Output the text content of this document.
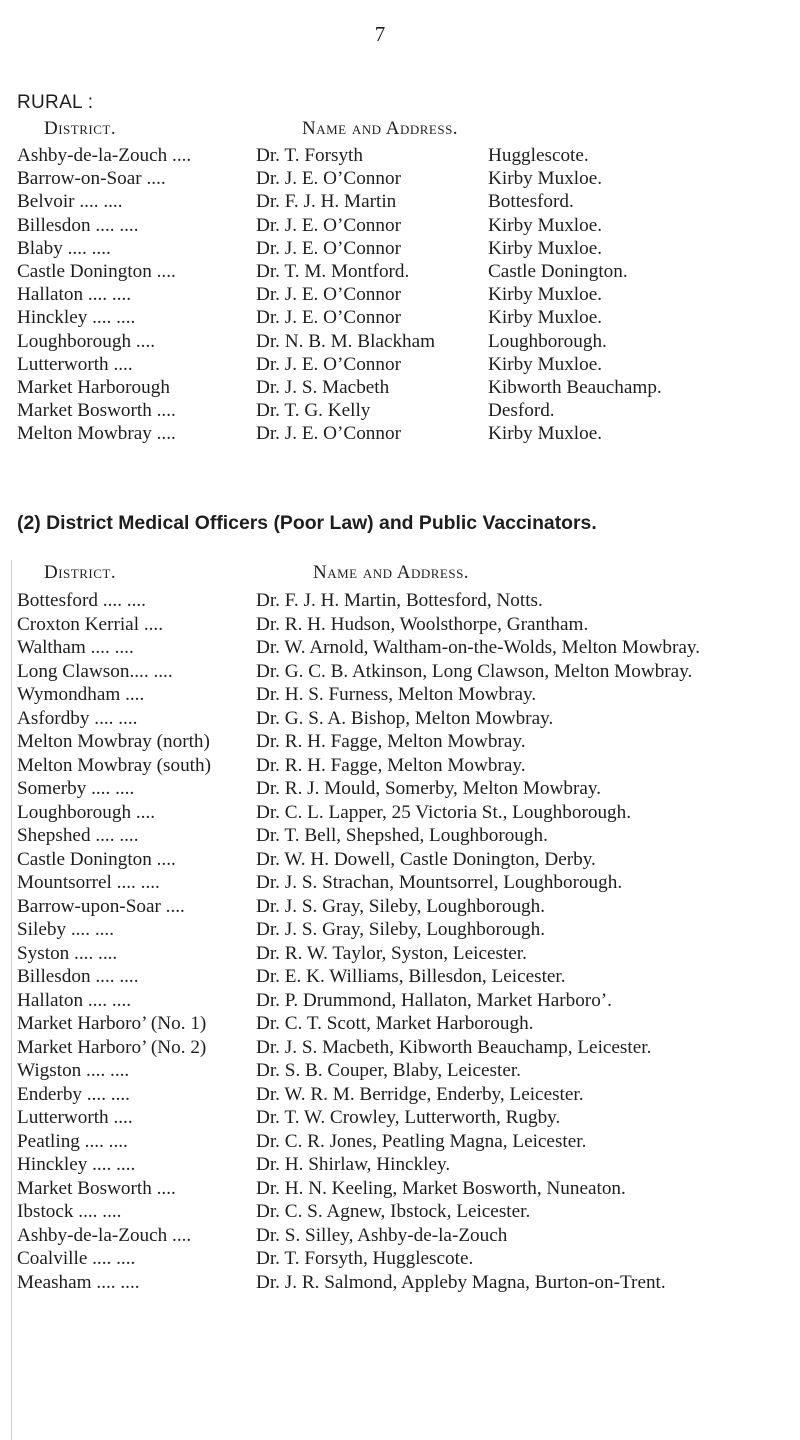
7
RURAL :
District.	Name and Address.
Ashby-de-la-Zouch ....	Dr. T. Forsyth	Hugglescote.
Barrow-on-Soar ....	Dr. J. E. O’Connor	Kirby Muxloe.
Belvoir .... ....	Dr. F. J. H. Martin	Bottesford.
Billesdon .... ....	Dr. J. E. O’Connor	Kirby Muxloe.
Blaby .... ....	Dr. J. E. O’Connor	Kirby Muxloe.
Castle Donington ....	Dr. T. M. Montford.	Castle Donington.
Hallaton .... ....	Dr. J. E. O’Connor	Kirby Muxloe.
Hinckley .... ....	Dr. J. E. O’Connor	Kirby Muxloe.
Loughborough ....	Dr. N. B. M. Blackham	Loughborough.
Lutterworth ....	Dr. J. E. O’Connor	Kirby Muxloe.
Market Harborough	Dr. J. S. Macbeth	Kibworth Beauchamp.
Market Bosworth ....	Dr. T. G. Kelly	Desford.
Melton Mowbray ....	Dr. J. E. O’Connor	Kirby Muxloe.
(2) District Medical Officers (Poor Law) and Public Vaccinators.
District.	Name and Address.
Bottesford .... ....	Dr. F. J. H. Martin, Bottesford, Notts.
Croxton Kerrial ....	Dr. R. H. Hudson, Woolsthorpe, Grantham.
Waltham .... ....	Dr. W. Arnold, Waltham-on-the-Wolds, Melton Mowbray.
Long Clawson.... ....	Dr. G. C. B. Atkinson, Long Clawson, Melton Mowbray.
Wymondham ....	Dr. H. S. Furness, Melton Mowbray.
Asfordby .... ....	Dr. G. S. A. Bishop, Melton Mowbray.
Melton Mowbray (north)	Dr. R. H. Fagge, Melton Mowbray.
Melton Mowbray (south)	Dr. R. H. Fagge, Melton Mowbray.
Somerby .... ....	Dr. R. J. Mould, Somerby, Melton Mowbray.
Loughborough ....	Dr. C. L. Lapper, 25 Victoria St., Loughborough.
Shepshed .... ....	Dr. T. Bell, Shepshed, Loughborough.
Castle Donington ....	Dr. W. H. Dowell, Castle Donington, Derby.
Mountsorrel .... ....	Dr. J. S. Strachan, Mountsorrel, Loughborough.
Barrow-upon-Soar ....	Dr. J. S. Gray, Sileby, Loughborough.
Sileby .... ....	Dr. J. S. Gray, Sileby, Loughborough.
Syston .... ....	Dr. R. W. Taylor, Syston, Leicester.
Billesdon .... ....	Dr. E. K. Williams, Billesdon, Leicester.
Hallaton .... ....	Dr. P. Drummond, Hallaton, Market Harboro’.
Market Harboro’ (No. 1)	Dr. C. T. Scott, Market Harborough.
Market Harboro’ (No. 2)	Dr. J. S. Macbeth, Kibworth Beauchamp, Leicester.
Wigston .... ....	Dr. S. B. Couper, Blaby, Leicester.
Enderby .... ....	Dr. W. R. M. Berridge, Enderby, Leicester.
Lutterworth ....	Dr. T. W. Crowley, Lutterworth, Rugby.
Peatling .... ....	Dr. C. R. Jones, Peatling Magna, Leicester.
Hinckley .... ....	Dr. H. Shirlaw, Hinckley.
Market Bosworth ....	Dr. H. N. Keeling, Market Bosworth, Nuneaton.
Ibstock .... ....	Dr. C. S. Agnew, Ibstock, Leicester.
Ashby-de-la-Zouch ....	Dr. S. Silley, Ashby-de-la-Zouch
Coalville .... ....	Dr. T. Forsyth, Hugglescote.
Measham .... ....	Dr. J. R. Salmond, Appleby Magna, Burton-on-Trent.
